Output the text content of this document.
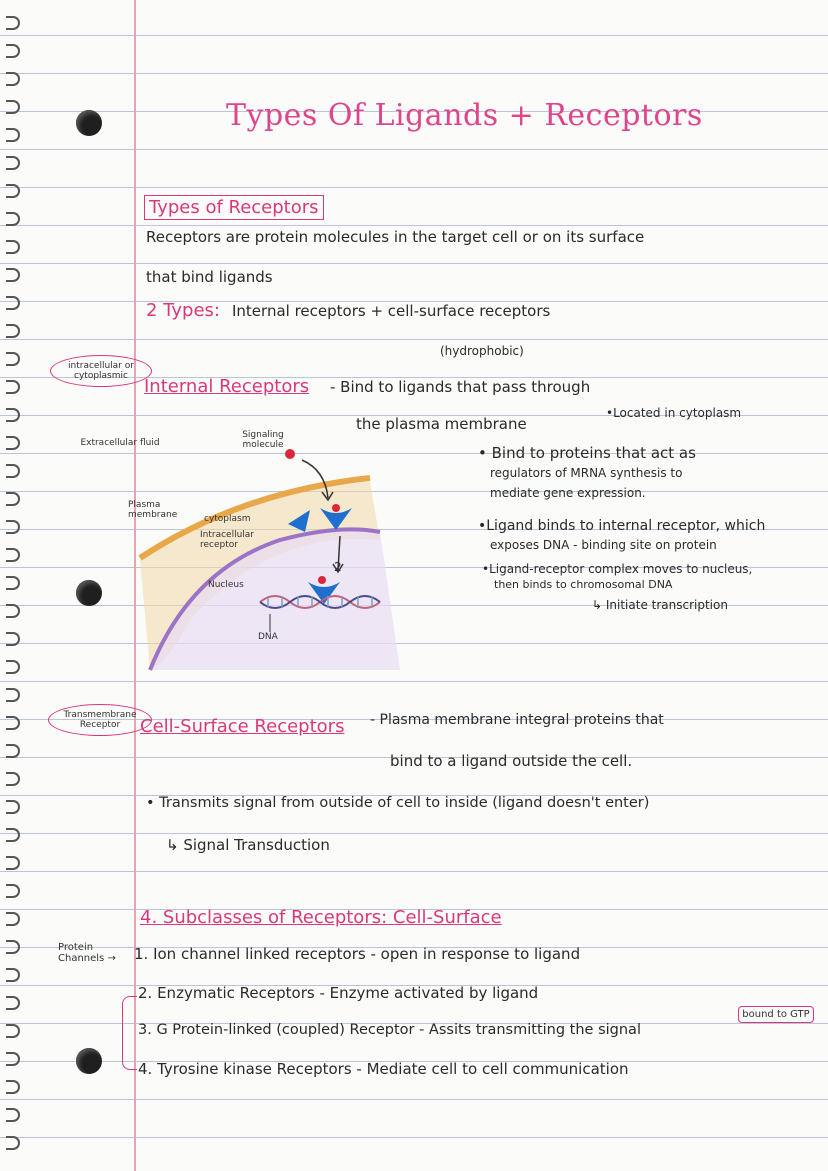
Types Of Ligands + Receptors
Types of Receptors
Receptors are protein molecules in the target cell or on its surface
that bind ligands
2 Types: Internal receptors + cell-surface receptors
intracellular or cytoplasmic
(hydrophobic)
Internal Receptors - Bind to ligands that pass through
the plasma membrane
•Located in cytoplasm
• Bind to proteins that act as
regulators of MRNA synthesis to
mediate gene expression.
•Ligand binds to internal receptor, which
exposes DNA - binding site on protein
•Ligand-receptor complex moves to nucleus,
then binds to chromosomal DNA
↳ Initiate transcription
Extracellular fluid
Signaling molecule
Plasma membrane	cytoplasm
Intracellular receptor
Nucleus
DNA
2
Transmembrane Receptor	Cell-Surface Receptors - Plasma membrane integral proteins that
bind to a ligand outside the cell.
• Transmits signal from outside of cell to inside (ligand doesn't enter)
↳ Signal Transduction
4. Subclasses of Receptors: Cell-Surface
Protein Channels →	1. Ion channel linked receptors - open in response to ligand
2. Enzymatic Receptors - Enzyme activated by ligand
3. G Protein-linked (coupled) Receptor - Assits transmitting the signal
bound to GTP
4. Tyrosine kinase Receptors - Mediate cell to cell communication
